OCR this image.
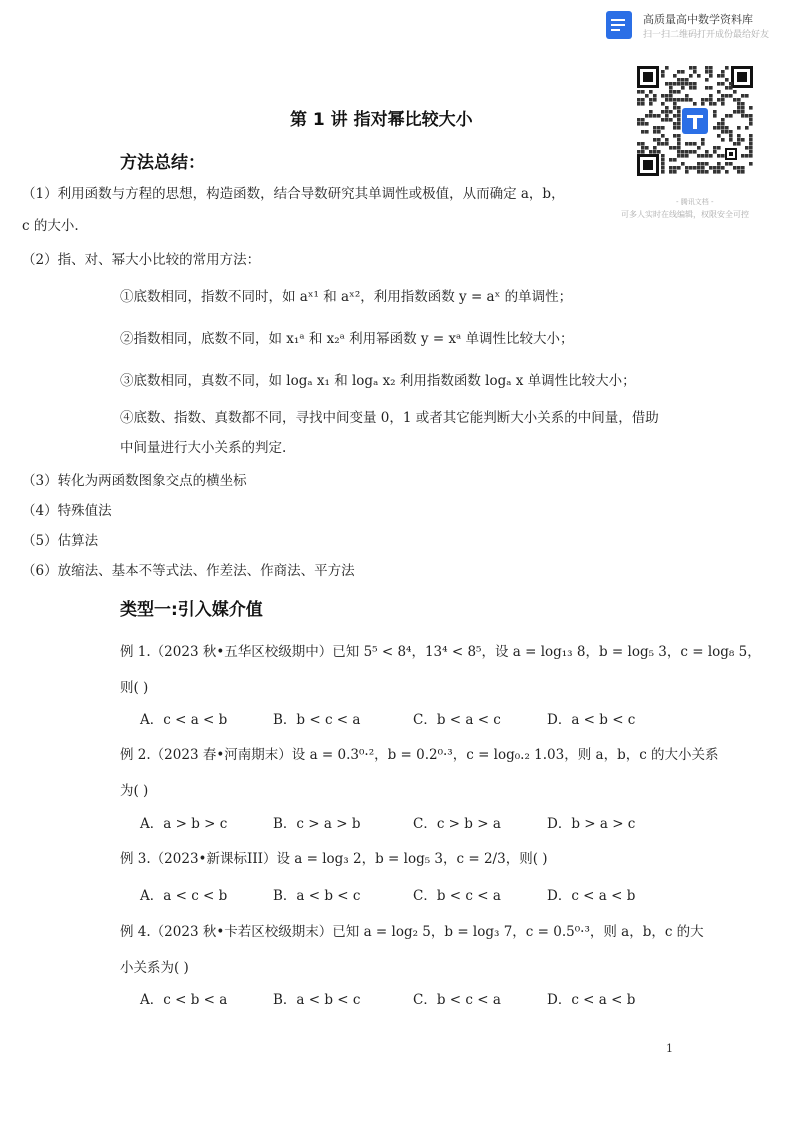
高质量高中数学资料库
扫一扫二维码打开成份最给好友
- 腾讯文档 -
可多人实时在线编辑，权限安全可控
第 1 讲 指对幂比较大小
方法总结：
（1）利用函数与方程的思想，构造函数，结合导数研究其单调性或极值，从而确定 a，b，
c 的大小.
（2）指、对、幂大小比较的常用方法：
①底数相同，指数不同时，如 aˣ¹ 和 aˣ²，利用指数函数 y = aˣ 的单调性；
②指数相同，底数不同，如 x₁ᵃ 和 x₂ᵃ 利用幂函数 y = xᵃ 单调性比较大小；
③底数相同，真数不同，如 logₐ x₁ 和 logₐ x₂ 利用指数函数 logₐ x 单调性比较大小；
④底数、指数、真数都不同，寻找中间变量 0，1 或者其它能判断大小关系的中间量，借助
中间量进行大小关系的判定.
（3）转化为两函数图象交点的横坐标
（4）特殊值法
（5）估算法
（6）放缩法、基本不等式法、作差法、作商法、平方法
类型一:引入媒介值
例 1.（2023 秋•五华区校级期中）已知 5⁵ < 8⁴，13⁴ < 8⁵，设 a = log₁₃ 8，b = log₅ 3，c = log₈ 5，
则( )
A．c < a < b	B．b < c < a	C．b < a < c	D．a < b < c
例 2.（2023 春•河南期末）设 a = 0.3⁰·²，b = 0.2⁰·³，c = log₀.₂ 1.03，则 a，b，c 的大小关系
为( )
A．a > b > c	B．c > a > b	C．c > b > a	D．b > a > c
例 3.（2023•新课标III）设 a = log₃ 2，b = log₅ 3，c = 2/3，则( )
A．a < c < b	B．a < b < c	C．b < c < a	D．c < a < b
例 4.（2023 秋•卡若区校级期末）已知 a = log₂ 5，b = log₃ 7，c = 0.5⁰·³，则 a，b，c 的大
小关系为( )
A．c < b < a	B．a < b < c	C．b < c < a	D．c < a < b
1
